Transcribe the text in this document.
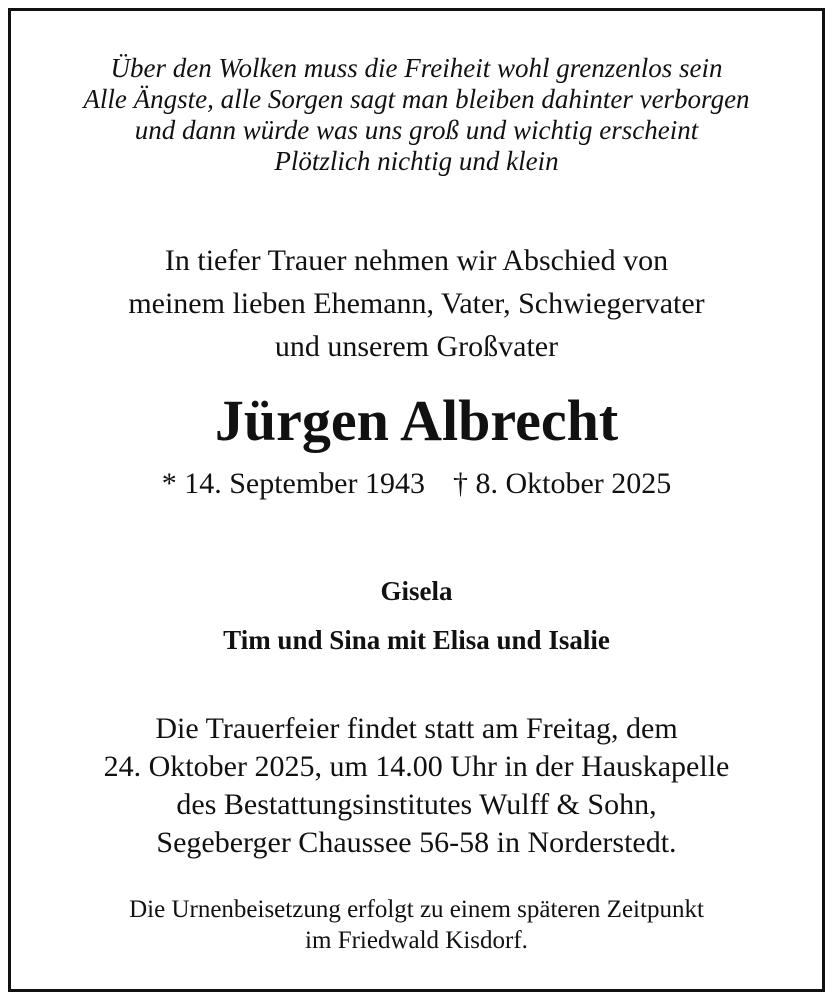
Über den Wolken muss die Freiheit wohl grenzenlos sein
Alle Ängste, alle Sorgen sagt man bleiben dahinter verborgen
und dann würde was uns groß und wichtig erscheint
Plötzlich nichtig und klein
In tiefer Trauer nehmen wir Abschied von
meinem lieben Ehemann, Vater, Schwiegervater
und unserem Großvater
Jürgen Albrecht
* 14. September 1943 † 8. Oktober 2025
Gisela
Tim und Sina mit Elisa und Isalie
Die Trauerfeier findet statt am Freitag, dem
24. Oktober 2025, um 14.00 Uhr in der Hauskapelle
des Bestattungsinstitutes Wulff & Sohn,
Segeberger Chaussee 56-58 in Norderstedt.
Die Urnenbeisetzung erfolgt zu einem späteren Zeitpunkt
im Friedwald Kisdorf.
